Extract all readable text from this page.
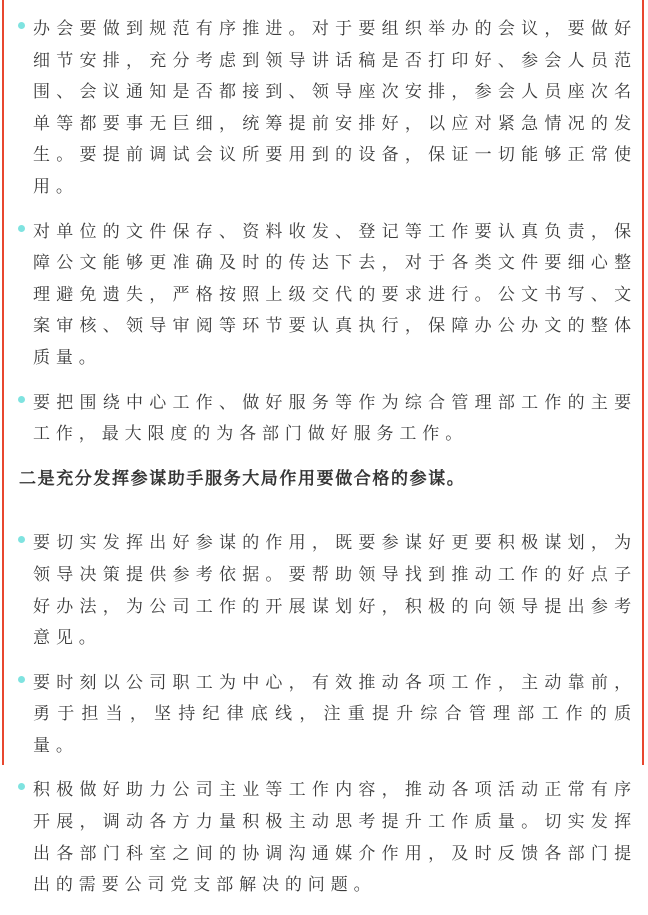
办会要做到规范有序推进。对于要组织举办的会议，要做好细节安排，充分考虑到领导讲话稿是否打印好、参会人员范围、会议通知是否都接到、领导座次安排，参会人员座次名单等都要事无巨细，统筹提前安排好，以应对紧急情况的发生。要提前调试会议所要用到的设备，保证一切能够正常使用。

对单位的文件保存、资料收发、登记等工作要认真负责，保障公文能够更准确及时的传达下去，对于各类文件要细心整理避免遗失，严格按照上级交代的要求进行。公文书写、文案审核、领导审阅等环节要认真执行，保障办公办文的整体质量。

要把围绕中心工作、做好服务等作为综合管理部工作的主要工作，最大限度的为各部门做好服务工作。

二是充分发挥参谋助手服务大局作用要做合格的参谋。

要切实发挥出好参谋的作用，既要参谋好更要积极谋划，为领导决策提供参考依据。要帮助领导找到推动工作的好点子好办法，为公司工作的开展谋划好，积极的向领导提出参考意见。

要时刻以公司职工为中心，有效推动各项工作，主动靠前，勇于担当，坚持纪律底线，注重提升综合管理部工作的质量。

积极做好助力公司主业等工作内容，推动各项活动正常有序开展，调动各方力量积极主动思考提升工作质量。切实发挥出各部门科室之间的协调沟通媒介作用，及时反馈各部门提出的需要公司党支部解决的问题。
